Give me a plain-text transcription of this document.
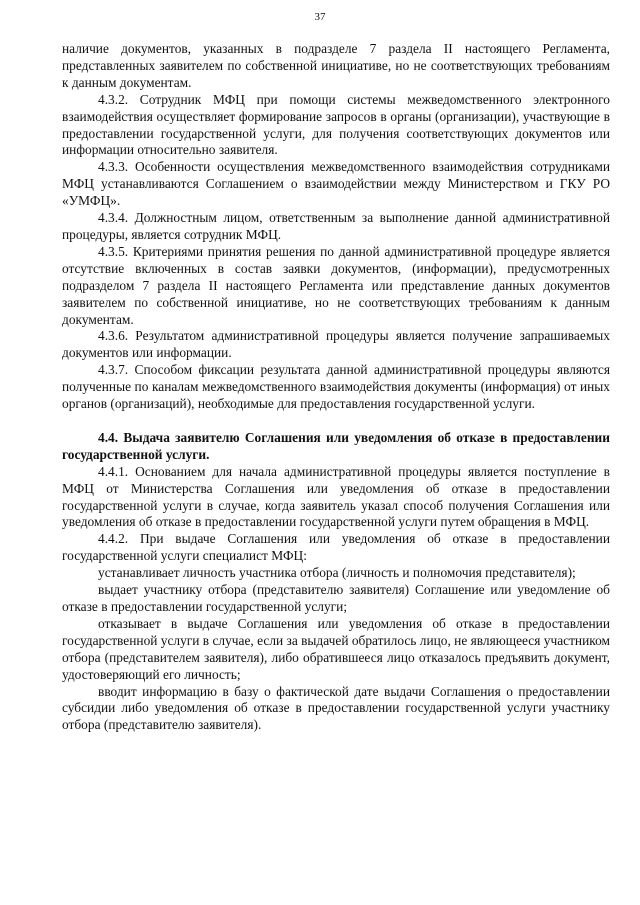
37

наличие документов, указанных в подразделе 7 раздела II настоящего Регламента, представленных заявителем по собственной инициативе, но не соответствующих требованиям к данным документам.

4.3.2. Сотрудник МФЦ при помощи системы межведомственного электронного взаимодействия осуществляет формирование запросов в органы (организации), участвующие в предоставлении государственной услуги, для получения соответствующих документов или информации относительно заявителя.

4.3.3. Особенности осуществления межведомственного взаимодействия сотрудниками МФЦ устанавливаются Соглашением о взаимодействии между Министерством и ГКУ РО «УМФЦ».

4.3.4. Должностным лицом, ответственным за выполнение данной административной процедуры, является сотрудник МФЦ.

4.3.5. Критериями принятия решения по данной административной процедуре является отсутствие включенных в состав заявки документов, (информации), предусмотренных подразделом 7 раздела II настоящего Регламента или представление данных документов заявителем по собственной инициативе, но не соответствующих требованиям к данным документам.

4.3.6. Результатом административной процедуры является получение запрашиваемых документов или информации.

4.3.7. Способом фиксации результата данной административной процедуры являются полученные по каналам межведомственного взаимодействия документы (информация) от иных органов (организаций), необходимые для предоставления государственной услуги.

4.4. Выдача заявителю Соглашения или уведомления об отказе в предоставлении государственной услуги.

4.4.1. Основанием для начала административной процедуры является поступление в МФЦ от Министерства Соглашения или уведомления об отказе в предоставлении государственной услуги в случае, когда заявитель указал способ получения Соглашения или уведомления об отказе в предоставлении государственной услуги путем обращения в МФЦ.

4.4.2. При выдаче Соглашения или уведомления об отказе в предоставлении государственной услуги специалист МФЦ:

устанавливает личность участника отбора (личность и полномочия представителя);

выдает участнику отбора (представителю заявителя) Соглашение или уведомление об отказе в предоставлении государственной услуги;

отказывает в выдаче Соглашения или уведомления об отказе в предоставлении государственной услуги в случае, если за выдачей обратилось лицо, не являющееся участником отбора (представителем заявителя), либо обратившееся лицо отказалось предъявить документ, удостоверяющий его личность;

вводит информацию в базу о фактической дате выдачи Соглашения о предоставлении субсидии либо уведомления об отказе в предоставлении государственной услуги участнику отбора (представителю заявителя).
